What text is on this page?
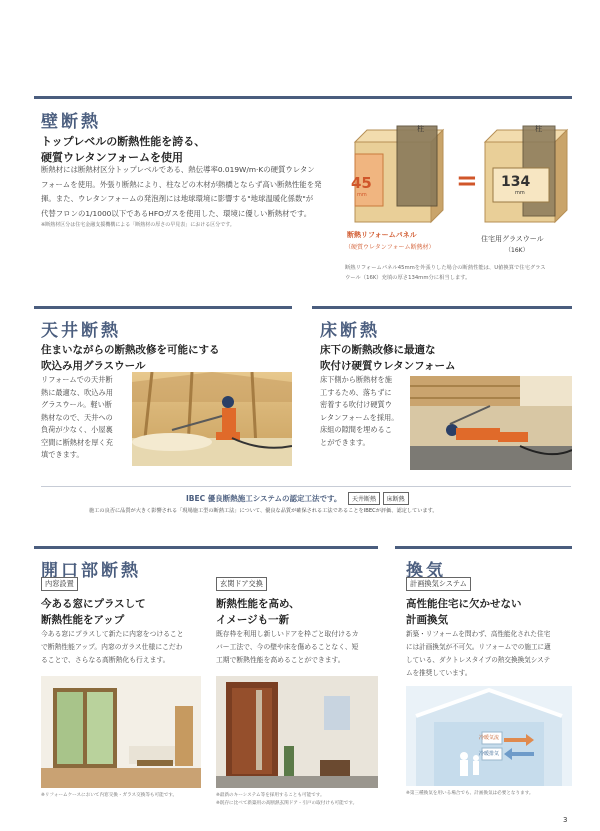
壁断熱
トップレベルの断熱性能を誇る、
硬質ウレタンフォームを使用
断熱材には断熱材区分トップレベルである、熱伝導率0.019W/m·Kの硬質ウレタン
フォームを使用。外張り断熱により、柱などの木材が熱橋とならず高い断熱性能を発
揮。また、ウレタンフォームの発泡剤には地球環境に影響する"地球温暖化係数"が
代替フロンの1/1000以下であるHFOガスを使用した、環境に優しい断熱材です。
※断熱材区分は住宅金融支援機構による「断熱材の厚さの早見表」における区分です。
柱	柱
45
mm	= 134
mm
断熱リフォームパネル
（硬質ウレタンフォーム断熱材）
住宅用グラスウール
（16K）
断熱リフォームパネル45mmを外張りした場合の断熱性能は、U値換算で住宅グラス
ウール（16K）充填の厚さ134mm分に相当します。
天井断熱
住まいながらの断熱改修を可能にする
吹込み用グラスウール
リフォームでの天井断
熱に最適な、吹込み用
グラスウール。軽い断
熱材なので、天井への
負荷が少なく、小屋裏
空間に断熱材を厚く充
填できます。
床断熱
床下の断熱改修に最適な
吹付け硬質ウレタンフォーム
床下側から断熱材を施
工するため、落ちずに
密着する吹付け硬質ウ
レタンフォームを採用。
床組の隙間を埋めるこ
とができます。
IBEC 優良断熱施工システムの認定工法です。 天井断熱 床断熱
施工の良否に品質が大きく影響される「現場施工型の断熱工法」について、優良な品質が確保される工法であることをIBECが評価、認定しています。
開口部断熱
内窓設置
今ある窓にプラスして
断熱性能をアップ
今ある窓にプラスして新たに内窓をつけること
で断熱性能アップ。内窓のガラス仕様にこだわ
ることで、さらなる高断熱化も行えます。
※リフォームケースにおいて内窓交換・ガラス交換等も可能です。
玄関ドア交換
断熱性能を高め、
イメージも一新
既存枠を利用し新しいドアを枠ごと取付けるカ
バー工法で、今の壁や床を傷めることなく、短
工期で断熱性能を高めることができます。
※最新のキーシステム等を採用することも可能です。
※既存に比べて新築用の高断熱玄関ドア・引戸の取付けも可能です。
換気
計画換気システム
高性能住宅に欠かせない
計画換気
新築・リフォームを問わず、高性能化された住宅
には計画換気が不可欠。リフォームでの施工に適
している、ダクトレスタイプの熱交換換気システ
ムを推奨しています。
冷暖気流
冷暖排気
※第三種換気を用いる場合でも、計画換気は必要となります。
3
